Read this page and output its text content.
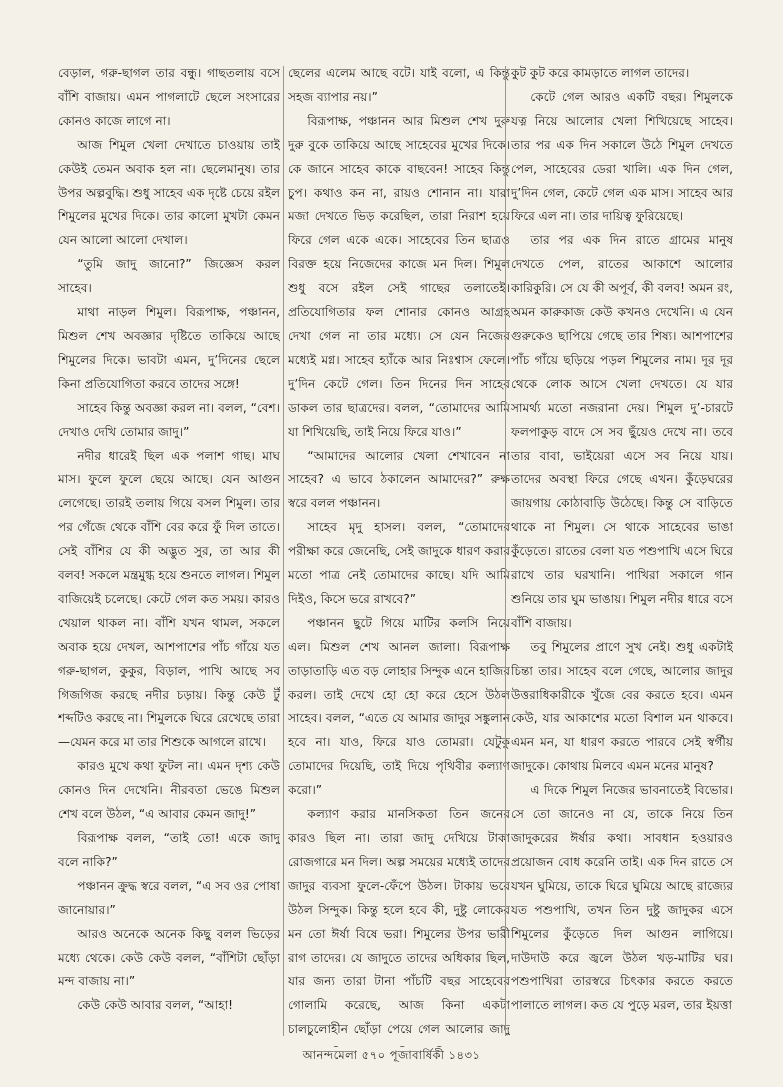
বেড়াল, গরু-ছাগল তার বন্ধু। গাছতলায় বসে বাঁশি বাজায়। এমন পাগলাটে ছেলে সংসারের কোনও কাজে লাগে না।

আজ শিমুল খেলা দেখাতে চাওয়ায় তাই কেউই তেমন অবাক হল না। ছেলেমানুষ। তার উপর অল্পবুদ্ধি। শুধু সাহেব এক দৃষ্টে চেয়ে রইল শিমুলের মুখের দিকে। তার কালো মুখটা কেমন যেন আলো আলো দেখাল।

“তুমি জাদু জানো?” জিজ্ঞেস করল সাহেব।

মাথা নাড়ল শিমুল। বিরূপাক্ষ, পঞ্চানন, মিশুল শেখ অবজ্ঞার দৃষ্টিতে তাকিয়ে আছে শিমুলের দিকে। ভাবটা এমন, দু’দিনের ছেলে কিনা প্রতিযোগিতা করবে তাদের সঙ্গে!

সাহেব কিন্তু অবজ্ঞা করল না। বলল, “বেশ। দেখাও দেখি তোমার জাদু।”

নদীর ধারেই ছিল এক পলাশ গাছ। মাঘ মাস। ফুলে ফুলে ছেয়ে আছে। যেন আগুন লেগেছে। তারই তলায় গিয়ে বসল শিমুল। তার পর গেঁজে থেকে বাঁশি বের করে ফুঁ দিল তাতে। সেই বাঁশির যে কী অদ্ভুত সুর, তা আর কী বলব! সকলে মন্ত্রমুগ্ধ হয়ে শুনতে লাগল। শিমুল বাজিয়েই চলেছে। কেটে গেল কত সময়। কারও খেয়াল থাকল না। বাঁশি যখন থামল, সকলে অবাক হয়ে দেখল, আশপাশের পাঁচ গাঁয়ে যত গরু-ছাগল, কুকুর, বিড়াল, পাখি আছে সব গিজগিজ করছে নদীর চড়ায়। কিন্তু কেউ টুঁ শব্দটিও করছে না। শিমুলকে ঘিরে রেখেছে তারা—যেমন করে মা তার শিশুকে আগলে রাখে।

কারও মুখে কথা ফুটল না। এমন দৃশ্য কেউ কোনও দিন দেখেনি। নীরবতা ভেঙে মিশুল শেখ বলে উঠল, “এ আবার কেমন জাদু!”

বিরূপাক্ষ বলল, “তাই তো! একে জাদু বলে নাকি?”

পঞ্চানন ক্রুদ্ধ স্বরে বলল, “এ সব ওর পোষা জানোয়ার।”

আরও অনেকে অনেক কিছু বলল ভিড়ের মধ্যে থেকে। কেউ কেউ বলল, “বাঁশিটা ছোঁড়া মন্দ বাজায় না।”

কেউ কেউ আবার বলল, “আহা!

ছেলের এলেম আছে বটে। যাই বলো, এ কিন্তু সহজ ব্যাপার নয়।”

বিরূপাক্ষ, পঞ্চানন আর মিশুল শেখ দুরু দুরু বুকে তাকিয়ে আছে সাহেবের মুখের দিকে। কে জানে সাহেব কাকে বাছবেন! সাহেব কিন্তু চুপ। কথাও কন না, রায়ও শোনান না। যারা মজা দেখতে ভিড় করেছিল, তারা নিরাশ হয়ে ফিরে গেল একে একে। সাহেবের তিন ছাত্রও বিরক্ত হয়ে নিজেদের কাজে মন দিল। শিমুল শুধু বসে রইল সেই গাছের তলাতেই। প্রতিযোগিতার ফল শোনার কোনও আগ্রহ দেখা গেল না তার মধ্যে। সে যেন নিজের মধ্যেই মগ্ন। সাহেব হ্যাঁকে আর নিঃশ্বাস ফেলে। দু’দিন কেটে গেল। তিন দিনের দিন সাহেব ডাকল তার ছাত্রদের। বলল, “তোমাদের আমি যা শিখিয়েছি, তাই নিয়ে ফিরে যাও।”

“আমাদের আলোর খেলা শেখাবেন না সাহেব? এ ভাবে ঠকালেন আমাদের?” রুক্ষ স্বরে বলল পঞ্চানন।

সাহেব মৃদু হাসল। বলল, “তোমাদের পরীক্ষা করে জেনেছি, সেই জাদুকে ধারণ করার মতো পাত্র নেই তোমাদের কাছে। যদি আমি দিইও, কিসে ভরে রাখবে?”

পঞ্চানন ছুটে গিয়ে মাটির কলসি নিয়ে এল। মিশুল শেখ আনল জালা। বিরূপাক্ষ তাড়াতাড়ি এত বড় লোহার সিন্দুক এনে হাজির করল। তাই দেখে হো হো করে হেসে উঠল সাহেব। বলল, “এতে যে আমার জাদুর সঙ্কুলান হবে না। যাও, ফিরে যাও তোমরা। যেটুকু তোমাদের দিয়েছি, তাই দিয়ে পৃথিবীর কল্যাণ করো।”

কল্যাণ করার মানসিকতা তিন জনের কারও ছিল না। তারা জাদু দেখিয়ে টাকা রোজগারে মন দিল। অল্প সময়ের মধ্যেই তাদের জাদুর ব্যবসা ফুলে-ফেঁপে উঠল। টাকায় ভরে উঠল সিন্দুক। কিন্তু হলে হবে কী, দুষ্টু লোকের মন তো ঈর্ষা বিষে ভরা। শিমুলের উপর ভারী রাগ তাদের। যে জাদুতে তাদের অধিকার ছিল, যার জন্য তারা টানা পাঁচটি বছর সাহেবের গোলামি করেছে, আজ কিনা একটা চালচুলোহীন ছোঁড়া পেয়ে গেল আলোর জাদু

কুট কুট করে কামড়াতে লাগল তাদের।

কেটে গেল আরও একটি বছর। শিমুলকে যত্ন নিয়ে আলোর খেলা শিখিয়েছে সাহেব। তার পর এক দিন সকালে উঠে শিমুল দেখতে পেল, সাহেবের ডেরা খালি। এক দিন গেল, দু’দিন গেল, কেটে গেল এক মাস। সাহেব আর ফিরে এল না। তার দায়িত্ব ফুরিয়েছে।

তার পর এক দিন রাতে গ্রামের মানুষ দেখতে পেল, রাতের আকাশে আলোর কারিকুরি। সে যে কী অপূর্ব, কী বলব! অমন রং, অমন কারুকাজ কেউ কখনও দেখেনি। এ যেন গুরুকেও ছাপিয়ে গেছে তার শিষ্য। আশপাশের পাঁচ গাঁয়ে ছড়িয়ে পড়ল শিমুলের নাম। দূর দূর থেকে লোক আসে খেলা দেখতে। যে যার সামর্থ্য মতো নজরানা দেয়। শিমুল দু’-চারটে ফলপাকুড় বাদে সে সব ছুঁয়েও দেখে না। তবে তার বাবা, ভাইয়েরা এসে সব নিয়ে যায়। তাদের অবস্থা ফিরে গেছে এখন। কুঁড়েঘরের জায়গায় কোঠাবাড়ি উঠেছে। কিন্তু সে বাড়িতে থাকে না শিমুল। সে থাকে সাহেবের ভাঙা কুঁড়েতে। রাতের বেলা যত পশুপাখি এসে ঘিরে রাখে তার ঘরখানি। পাখিরা সকালে গান শুনিয়ে তার ঘুম ভাঙায়। শিমুল নদীর ধারে বসে বাঁশি বাজায়।

তবু শিমুলের প্রাণে সুখ নেই। শুধু একটাই চিন্তা তার। সাহেব বলে গেছে, আলোর জাদুর উত্তরাধিকারীকে খুঁজে বের করতে হবে। এমন কেউ, যার আকাশের মতো বিশাল মন থাকবে। এমন মন, যা ধারণ করতে পারবে সেই স্বর্গীয় জাদুকে। কোথায় মিলবে এমন মনের মানুষ?

এ দিকে শিমুল নিজের ভাবনাতেই বিভোর। সে তো জানেও না যে, তাকে নিয়ে তিন জাদুকরের ঈর্ষার কথা। সাবধান হওয়ারও প্রয়োজন বোধ করেনি তাই। এক দিন রাতে সে যখন ঘুমিয়ে, তাকে ঘিরে ঘুমিয়ে আছে রাজ্যের যত পশুপাখি, তখন তিন দুষ্টু জাদুকর এসে শিমুলের কুঁড়েতে দিল আগুন লাগিয়ে। দাউদাউ করে জ্বলে উঠল খড়-মাটির ঘর। পশুপাখিরা তারস্বরে চিৎকার করতে করতে পালাতে লাগল। কত যে পুড়ে মরল, তার ইয়ত্তা

আনন্দমেলা ৫৭০ পূজাবার্ষিকী ১৪৩১
